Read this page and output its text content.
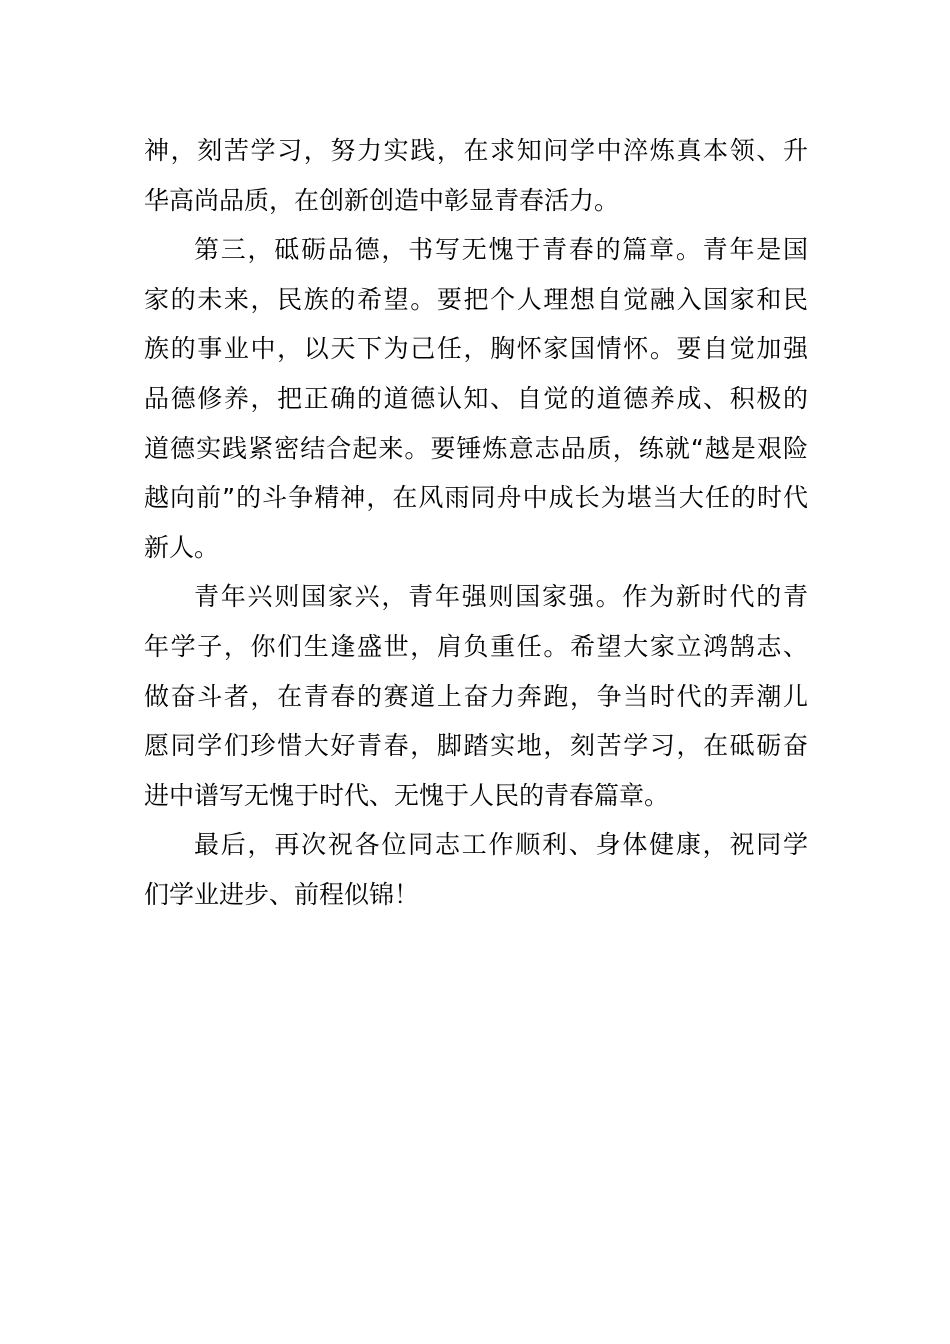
神，刻苦学习，努力实践，在求知问学中淬炼真本领、升
华高尚品质，在创新创造中彰显青春活力。
第三，砥砺品德，书写无愧于青春的篇章。青年是国
家的未来，民族的希望。要把个人理想自觉融入国家和民
族的事业中，以天下为己任，胸怀家国情怀。要自觉加强
品德修养，把正确的道德认知、自觉的道德养成、积极的
道德实践紧密结合起来。要锤炼意志品质，练就“越是艰险
越向前”的斗争精神，在风雨同舟中成长为堪当大任的时代
新人。
青年兴则国家兴，青年强则国家强。作为新时代的青
年学子，你们生逢盛世，肩负重任。希望大家立鸿鹄志、
做奋斗者，在青春的赛道上奋力奔跑，争当时代的弄潮儿
愿同学们珍惜大好青春，脚踏实地，刻苦学习，在砥砺奋
进中谱写无愧于时代、无愧于人民的青春篇章。
最后，再次祝各位同志工作顺利、身体健康，祝同学
们学业进步、前程似锦！
